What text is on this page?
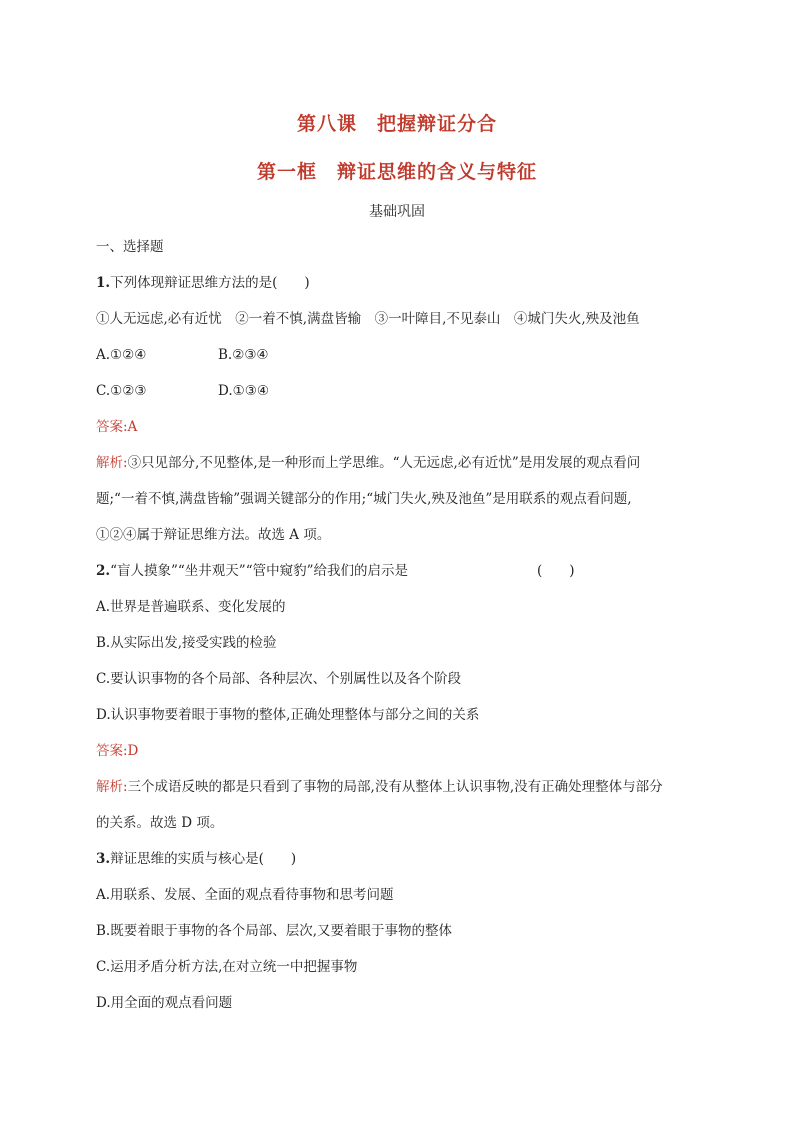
第八课　把握辩证分合
第一框　辩证思维的含义与特征
基础巩固
一、选择题
1.下列体现辩证思维方法的是(　　)
①人无远虑,必有近忧　②一着不慎,满盘皆输　③一叶障目,不见泰山　④城门失火,殃及池鱼
A.①②④	B.②③④
C.①②③	D.①③④
答案:A
解析:③只见部分,不见整体,是一种形而上学思维。“人无远虑,必有近忧”是用发展的观点看问
题;“一着不慎,满盘皆输”强调关键部分的作用;“城门失火,殃及池鱼”是用联系的观点看问题,
①②④属于辩证思维方法。故选 A 项。
2.“盲人摸象”“坐井观天”“管中窥豹”给我们的启示是	(　　)
A.世界是普遍联系、变化发展的
B.从实际出发,接受实践的检验
C.要认识事物的各个局部、各种层次、个别属性以及各个阶段
D.认识事物要着眼于事物的整体,正确处理整体与部分之间的关系
答案:D
解析:三个成语反映的都是只看到了事物的局部,没有从整体上认识事物,没有正确处理整体与部分
的关系。故选 D 项。
3.辩证思维的实质与核心是(　　)
A.用联系、发展、全面的观点看待事物和思考问题
B.既要着眼于事物的各个局部、层次,又要着眼于事物的整体
C.运用矛盾分析方法,在对立统一中把握事物
D.用全面的观点看问题
